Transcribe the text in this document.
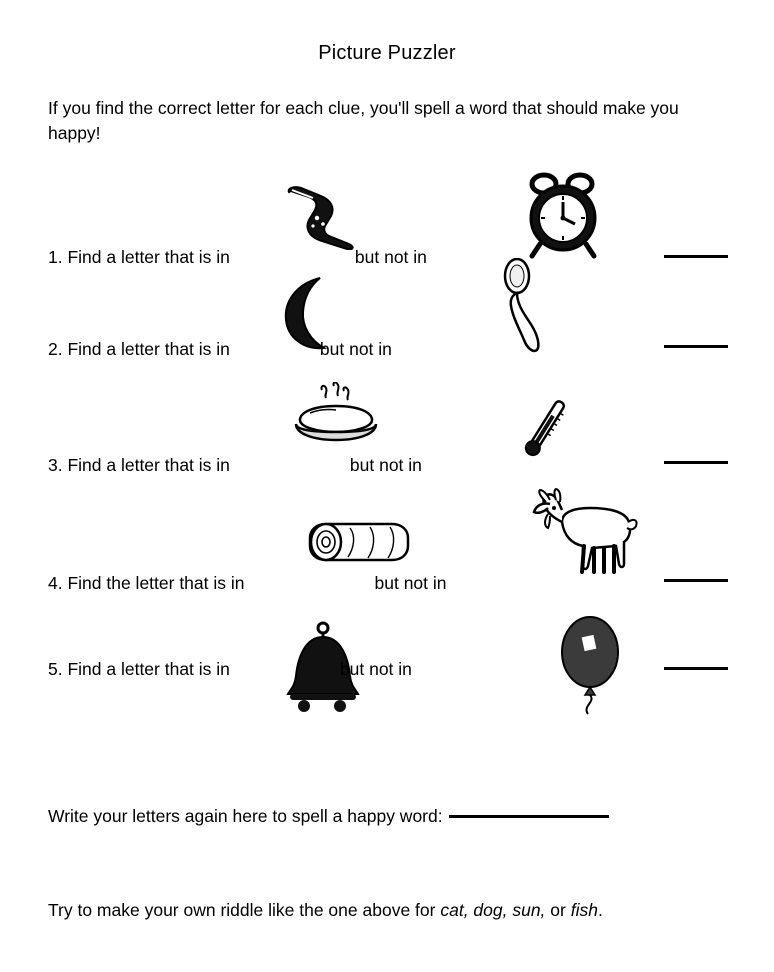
Picture Puzzler
If you find the correct letter for each clue, you'll spell a word that should make you happy!
1. Find a letter that is in	but not in
2. Find a letter that is in	but not in
3. Find a letter that is in	but not in
4. Find the letter that is in	but not in
5. Find a letter that is in	but not in
Write your letters again here to spell a happy word:
Try to make your own riddle like the one above for cat, dog, sun, or fish.
